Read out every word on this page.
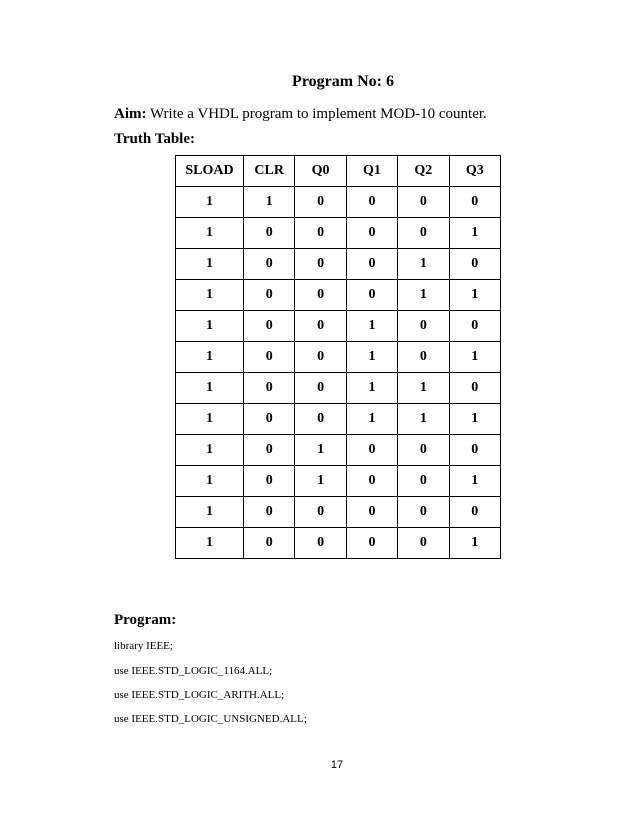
Program No: 6
Aim: Write a VHDL program to implement MOD-10 counter.
Truth Table:
SLOAD	CLR	Q0	Q1	Q2	Q3
1	1	0	0	0	0
1	0	0	0	0	1
1	0	0	0	1	0
1	0	0	0	1	1
1	0	0	1	0	0
1	0	0	1	0	1
1	0	0	1	1	0
1	0	0	1	1	1
1	0	1	0	0	0
1	0	1	0	0	1
1	0	0	0	0	0
1	0	0	0	0	1
Program:
library IEEE;
use IEEE.STD_LOGIC_1164.ALL;
use IEEE.STD_LOGIC_ARITH.ALL;
use IEEE.STD_LOGIC_UNSIGNED.ALL;
17
